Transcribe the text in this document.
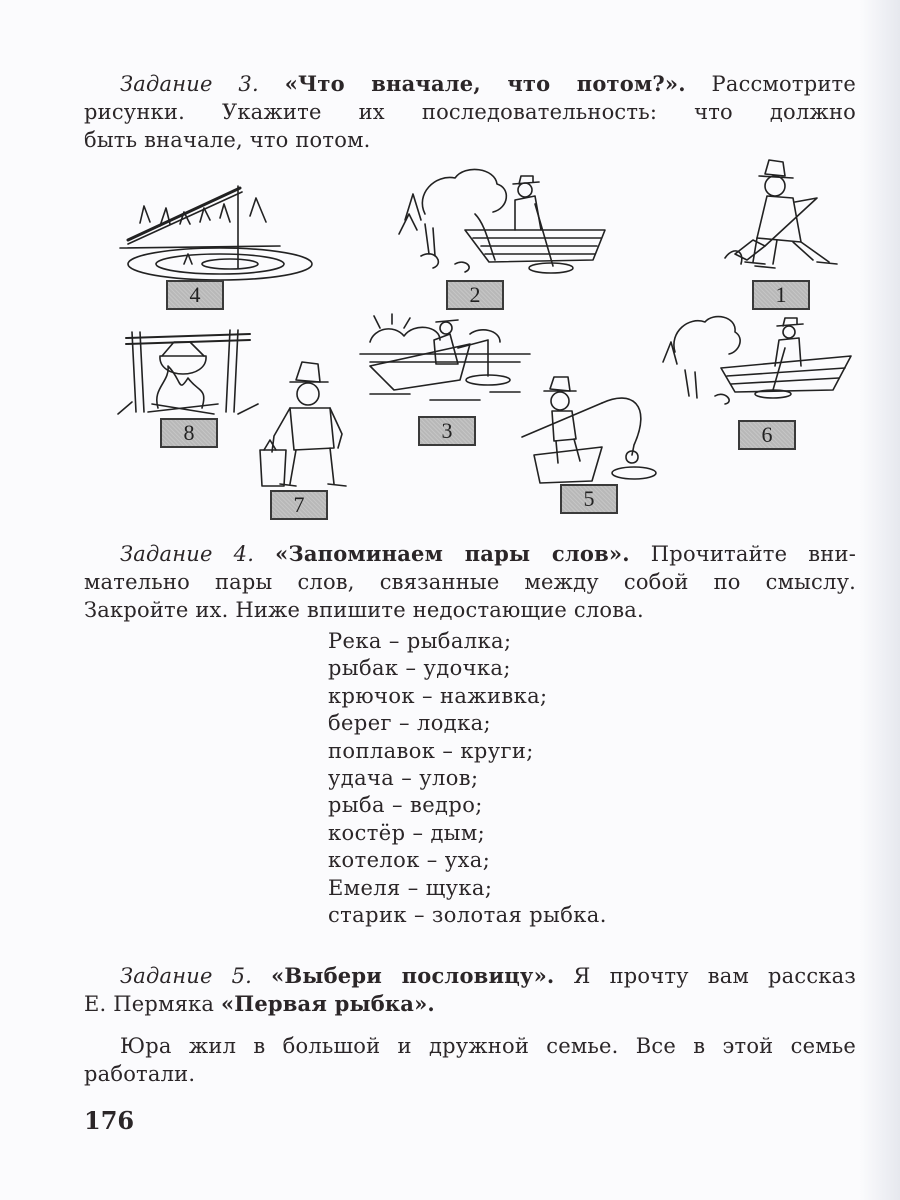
Задание 3. «Что вначале, что потом?». Рассмотрите
рисунки. Укажите их последовательность: что должно
быть вначале, что потом.
4	2	1
8
7
3
5
6
Задание 4. «Запоминаем пары слов». Прочитайте вни-
мательно пары слов, связанные между собой по смыслу.
Закройте их. Ниже впишите недостающие слова.
Река – рыбалка;
рыбак – удочка;
крючок – наживка;
берег – лодка;
поплавок – круги;
удача – улов;
рыба – ведро;
костёр – дым;
котелок – уха;
Емеля – щука;
старик – золотая рыбка.
Задание 5. «Выбери пословицу». Я прочту вам рассказ
Е. Пермяка «Первая рыбка».
Юра жил в большой и дружной семье. Все в этой семье
работали.
176
